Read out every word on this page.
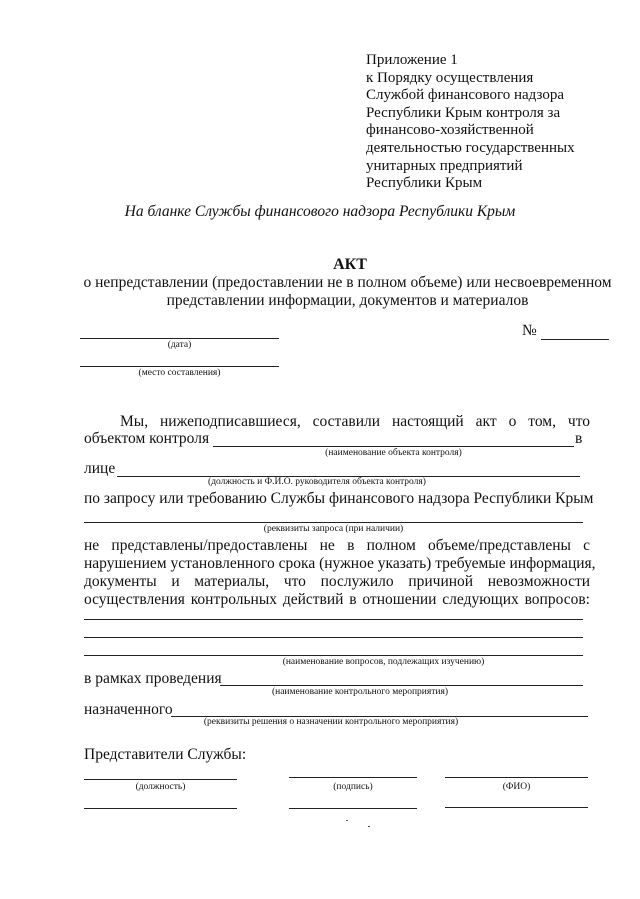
Приложение 1
к Порядку осуществления
Службой финансового надзора
Республики Крым контроля за
финансово-хозяйственной
деятельностью государственных
унитарных предприятий
Республики Крым
На бланке Службы финансового надзора Республики Крым
АКТ
о непредставлении (предоставлении не в полном объеме) или несвоевременном
представлении информации, документов и материалов
(дата)
(место составления)
№
Мы, нижеподписавшиеся, составили настоящий акт о том, что
объектом контроля	в
(наименование объекта контроля)
лице
(должность и Ф.И.О. руководителя объекта контроля)
по запросу или требованию Службы финансового надзора Республики Крым
(реквизиты запроса (при наличии)
не представлены/предоставлены не в полном объеме/представлены с
нарушением установленного срока (нужное указать) требуемые информация,
документы и материалы, что послужило причиной невозможности
осуществления контрольных действий в отношении следующих вопросов:
(наименование вопросов, подлежащих изучению)
в рамках проведения
(наименование контрольного мероприятия)
назначенного
(реквизиты решения о назначении контрольного мероприятия)
Представители Службы:
(должность)	(подпись)	(ФИО)
